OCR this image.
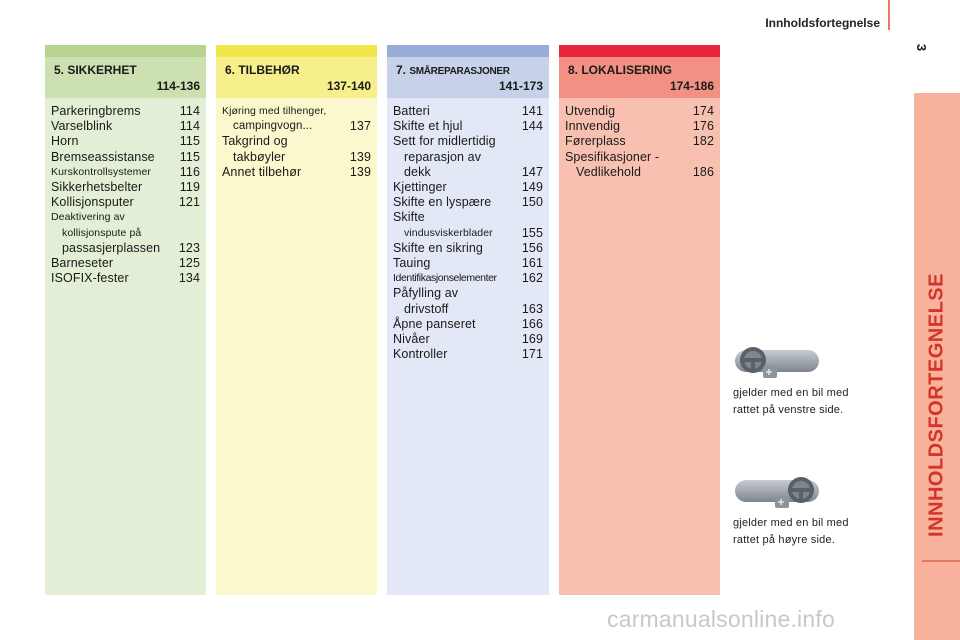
Innholdsfortegnelse
3
INNHOLDSFORTEGNELSE
5. SIKKERHET
114-136
Parkeringbrems	114
Varselblink	114
Horn	115
Bremseassistanse	115
Kurskontrollsystemer	116
Sikkerhetsbelter	119
Kollisjonsputer	121
Deaktivering av
kollisjonspute på
passasjerplassen	123
Barneseter	125
ISOFIX-fester	134
6. TILBEHØR
137-140
Kjøring med tilhenger,
campingvogn...	137
Takgrind og
takbøyler	139
Annet tilbehør	139
7. SMÅREPARASJONER
141-173
Batteri	141
Skifte et hjul	144
Sett for midlertidig
reparasjon av
dekk	147
Kjettinger	149
Skifte en lyspære	150
Skifte
vindusviskerblader	155
Skifte en sikring	156
Tauing	161
Identifikasjonselementer	162
Påfylling av
drivstoff	163
Åpne panseret	166
Nivåer	169
Kontroller	171
8. LOKALISERING
174-186
Utvendig	174
Innvendig	176
Førerplass	182
Spesifikasjoner -
Vedlikehold	186
gjelder med en bil med
rattet på venstre side.
gjelder med en bil med
rattet på høyre side.
carmanualsonline.info
